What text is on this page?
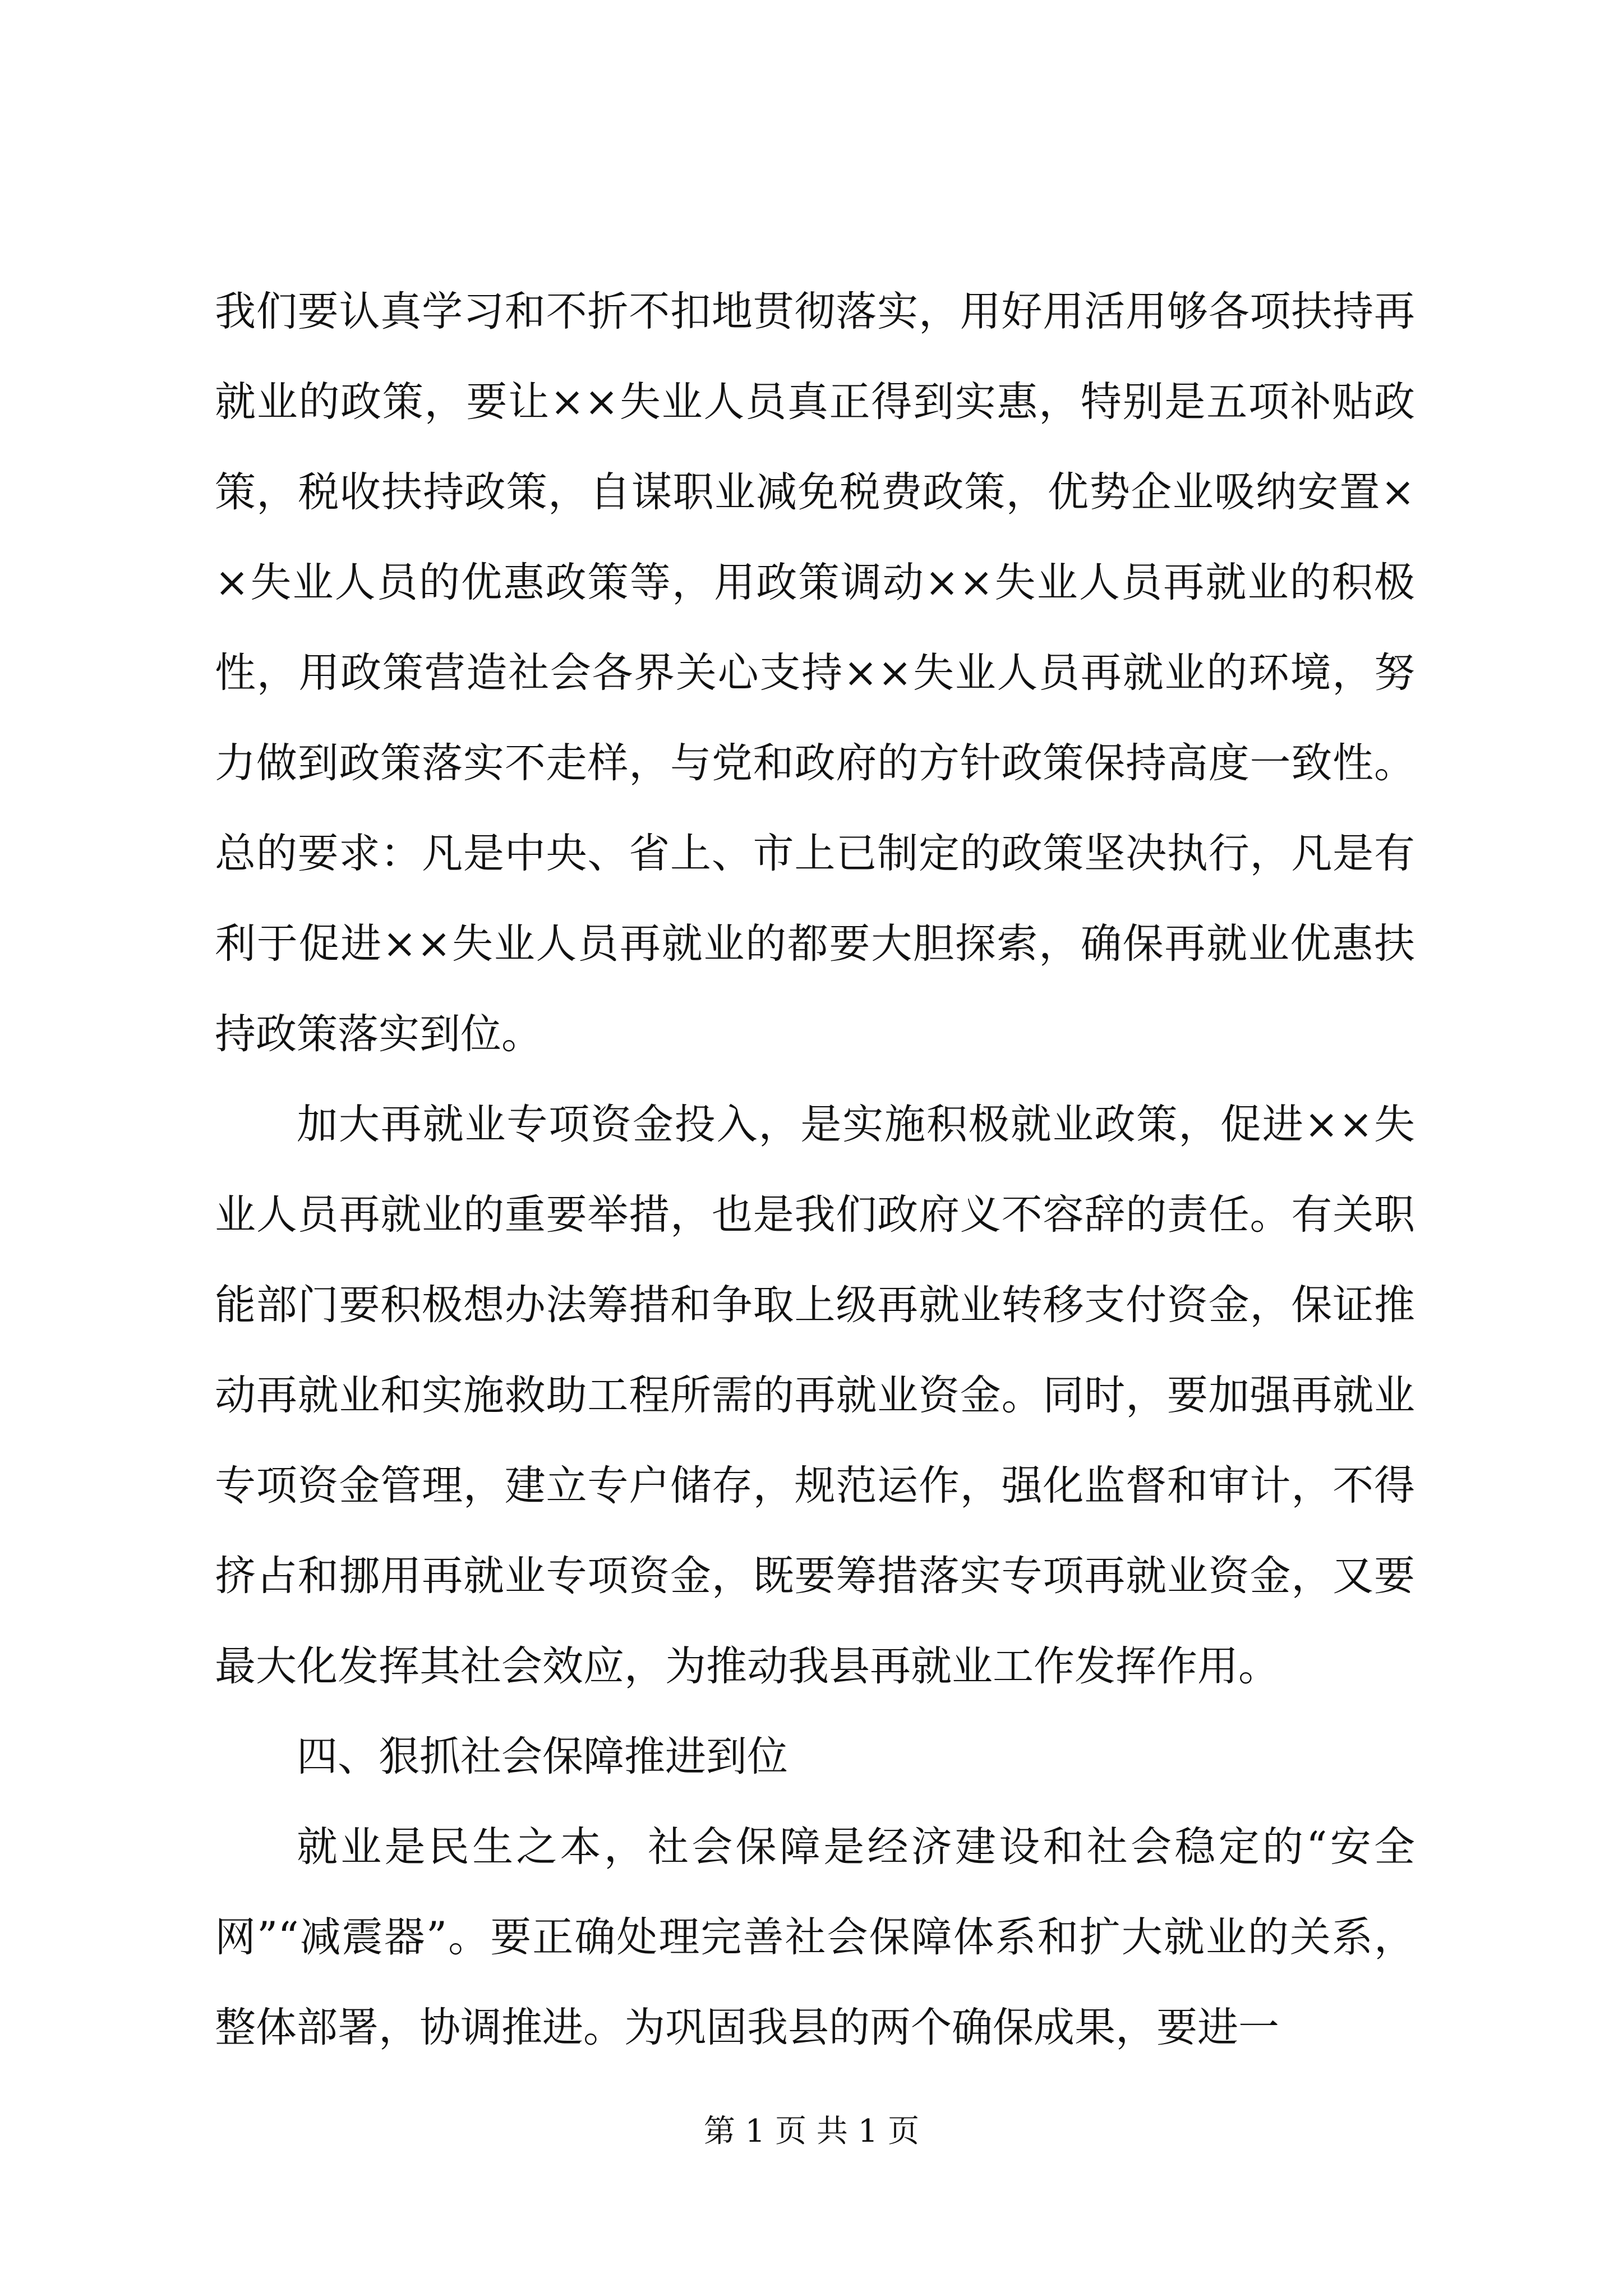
我们要认真学习和不折不扣地贯彻落实，用好用活用够各项扶持再就业的政策，要让××失业人员真正得到实惠，特别是五项补贴政策，税收扶持政策，自谋职业减免税费政策，优势企业吸纳安置××失业人员的优惠政策等，用政策调动××失业人员再就业的积极性，用政策营造社会各界关心支持××失业人员再就业的环境，努力做到政策落实不走样，与党和政府的方针政策保持高度一致性。总的要求：凡是中央、省上、市上已制定的政策坚决执行，凡是有利于促进××失业人员再就业的都要大胆探索，确保再就业优惠扶持政策落实到位。

加大再就业专项资金投入，是实施积极就业政策，促进××失业人员再就业的重要举措，也是我们政府义不容辞的责任。有关职能部门要积极想办法筹措和争取上级再就业转移支付资金，保证推动再就业和实施救助工程所需的再就业资金。同时，要加强再就业专项资金管理，建立专户储存，规范运作，强化监督和审计，不得挤占和挪用再就业专项资金，既要筹措落实专项再就业资金，又要最大化发挥其社会效应，为推动我县再就业工作发挥作用。

四、狠抓社会保障推进到位

就业是民生之本，社会保障是经济建设和社会稳定的“安全网”“减震器”。要正确处理完善社会保障体系和扩大就业的关系，整体部署，协调推进。为巩固我县的两个确保成果，要进一

第 1 页 共 1 页
